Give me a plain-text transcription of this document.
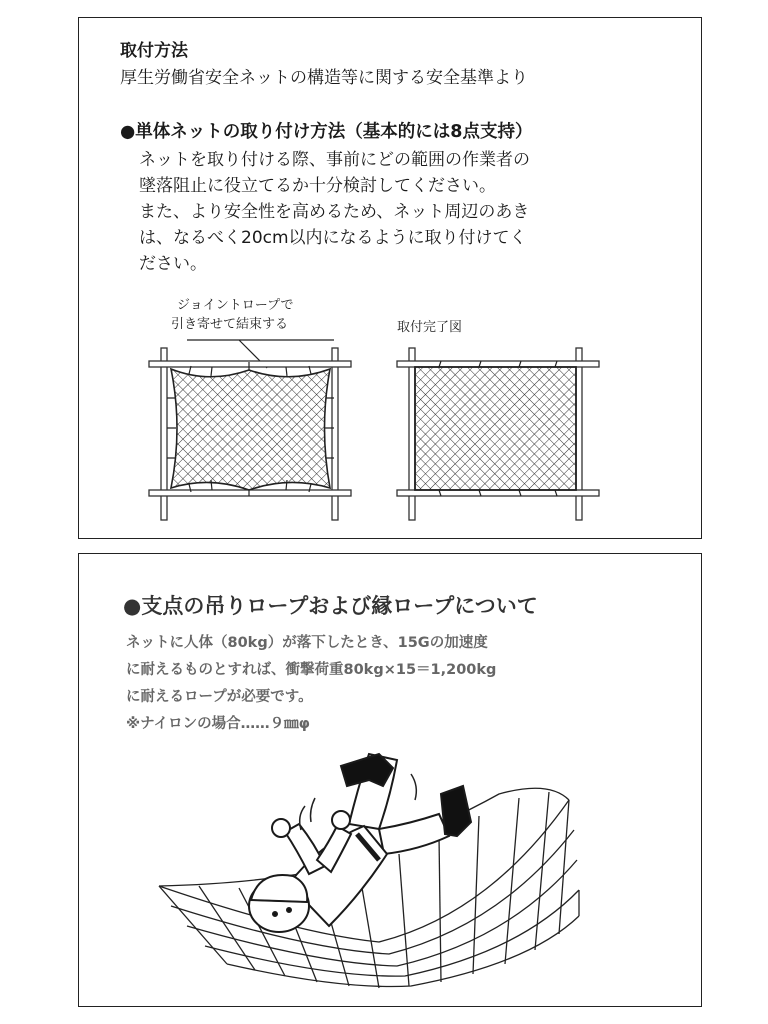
取付方法
厚生労働省安全ネットの構造等に関する安全基準より
●単体ネットの取り付け方法（基本的には8点支持）
ネットを取り付ける際、事前にどの範囲の作業者の
墜落阻止に役立てるか十分検討してください。
また、より安全性を高めるため、ネット周辺のあき
は、なるべく20cm以内になるように取り付けてく
ださい。
ジョイントロープで
引き寄せて結束する	取付完了図
●支点の吊りロープおよび縁ロープについて
ネットに人体（80kg）が落下したとき、15Gの加速度
に耐えるものとすれば、衝撃荷重80kg×15＝1,200kg
に耐えるロープが必要です。
※ナイロンの場合……９㎜φ
